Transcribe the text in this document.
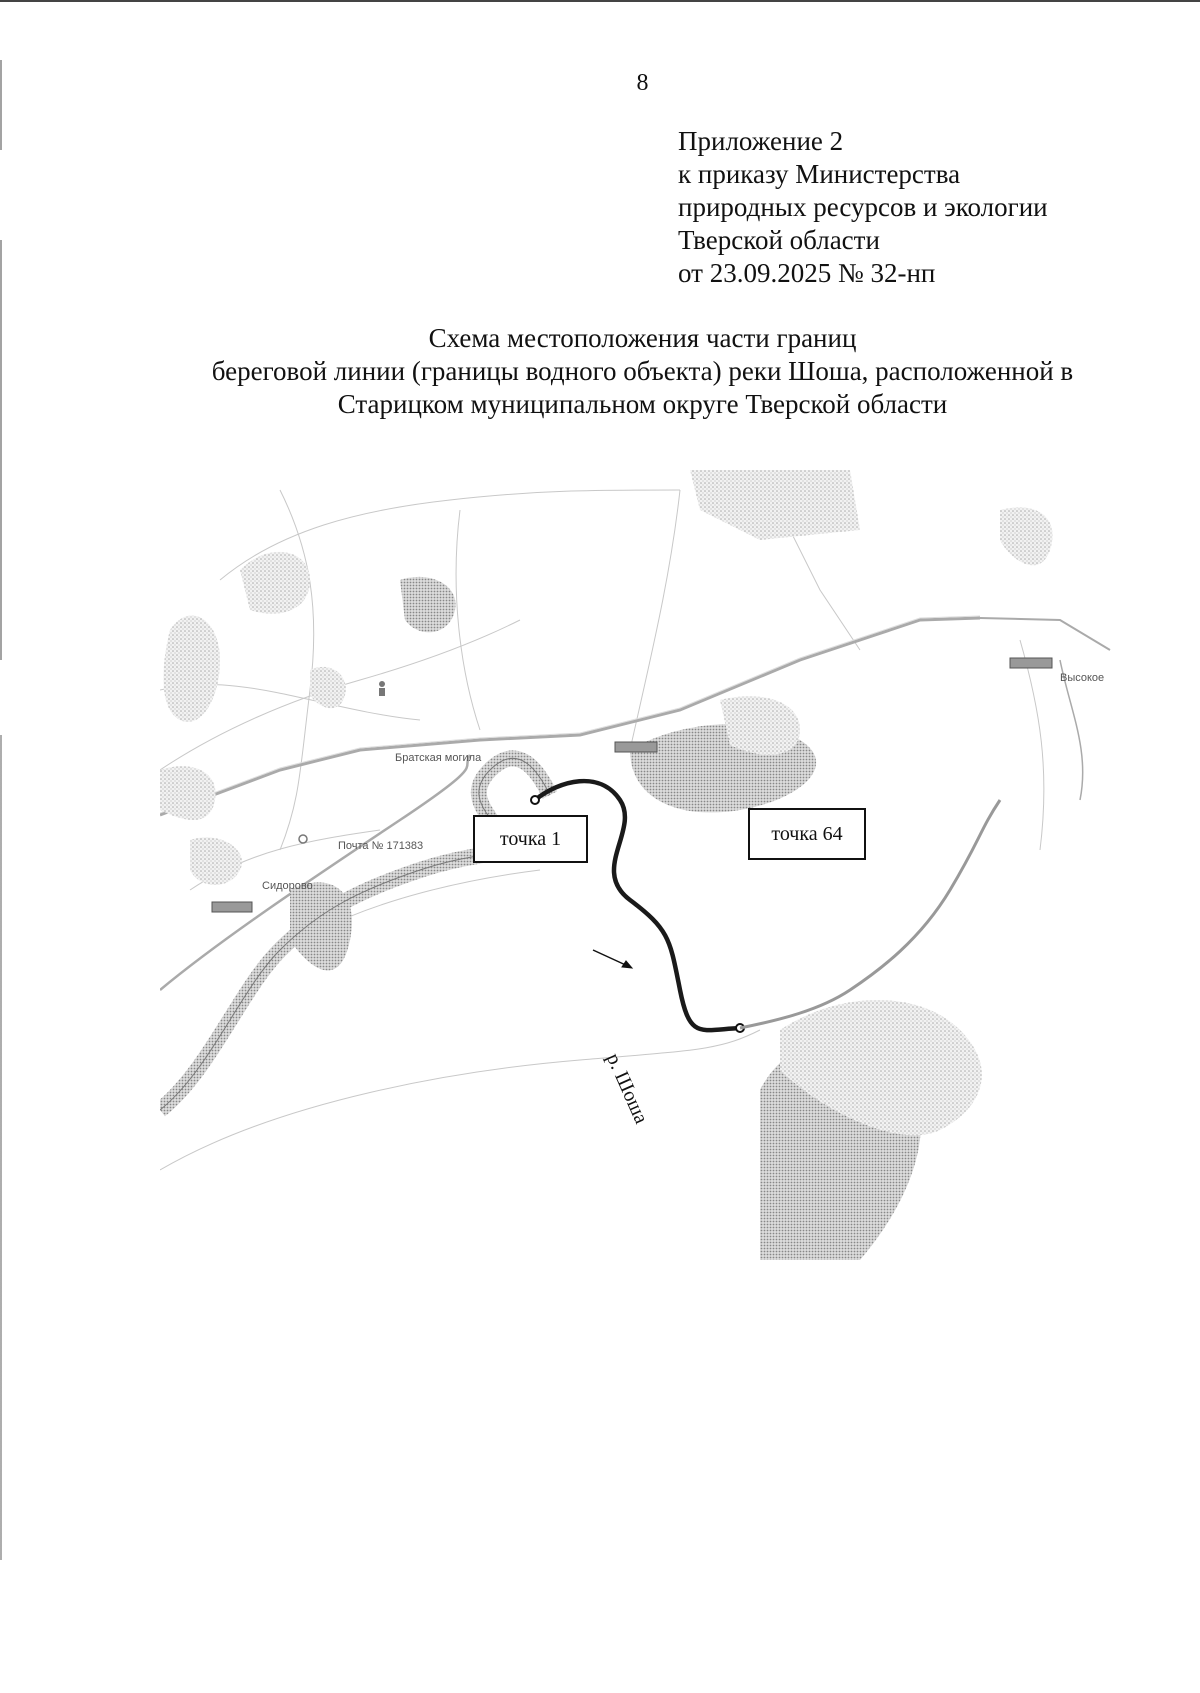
8
Приложение 2
к приказу Министерства
природных ресурсов и экологии
Тверской области
от 23.09.2025 № 32-нп
Схема местоположения части границ
береговой линии (границы водного объекта) реки Шоша, расположенной в
Старицком муниципальном округе Тверской области
Высокое
Сидорово
Братская могила
Почта № 171383	точка 1	точка 64
р. Шоша
